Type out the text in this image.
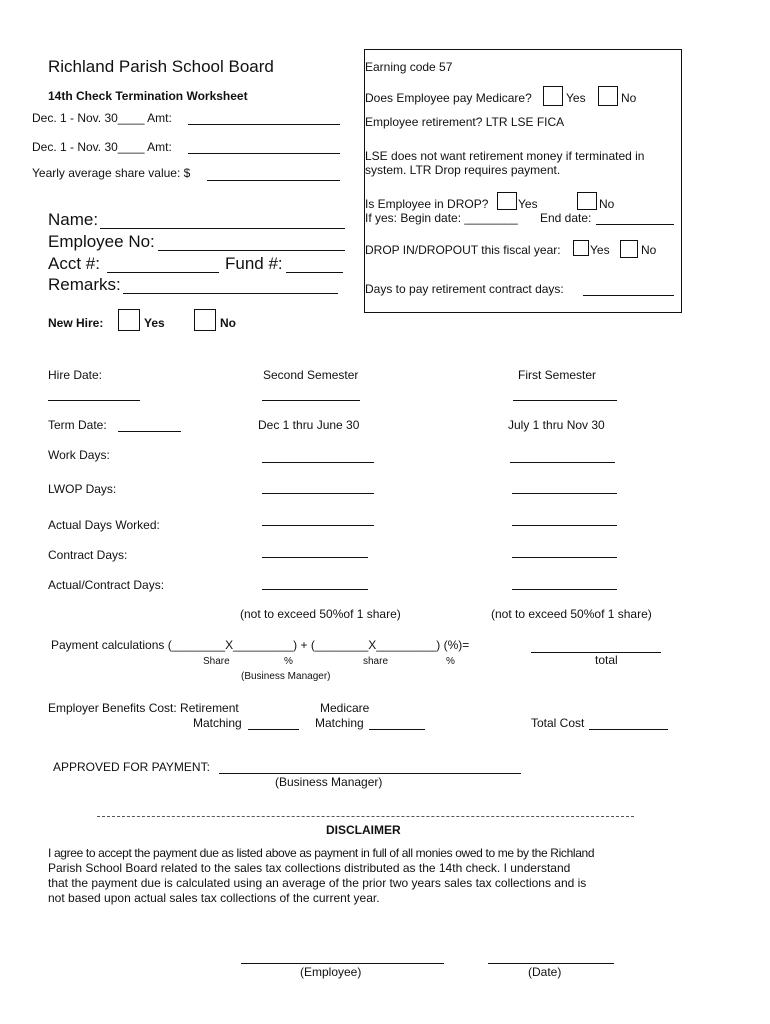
Richland Parish School Board
14th Check Termination Worksheet
Dec. 1 - Nov. 30____ Amt:
Dec. 1 - Nov. 30____ Amt:
Yearly average share value: $
Name:
Employee No:
Acct #:	Fund #:
Remarks:
Earning code 57
Does Employee pay Medicare?	Yes	No
Employee retirement? LTR LSE FICA
LSE does not want retirement money if terminated in
system. LTR Drop requires payment.
Is Employee in DROP? Yes	No
If yes: Begin date: ________ End date:
DROP IN/DROPOUT this fiscal year: Yes	No
Days to pay retirement contract days:
New Hire:	Yes	No
Hire Date:	Second Semester	First Semester
Term Date:	Dec 1 thru June 30	July 1 thru Nov 30
Work Days:
LWOP Days:
Actual Days Worked:
Contract Days:
Actual/Contract Days:
(not to exceed 50%of 1 share)	(not to exceed 50%of 1 share)
Payment calculations (________X_________) + (________X_________) (%)=
Share	%	share	%	total
(Business Manager)
Employer Benefits Cost: Retirement
Matching
Medicare
Matching	Total Cost
APPROVED FOR PAYMENT:
(Business Manager)
DISCLAIMER
I agree to accept the payment due as listed above as payment in full of all monies owed to me by the Richland
Parish School Board related to the sales tax collections distributed as the 14th check. I understand
that the payment due is calculated using an average of the prior two years sales tax collections and is
not based upon actual sales tax collections of the current year.
(Employee)	(Date)
